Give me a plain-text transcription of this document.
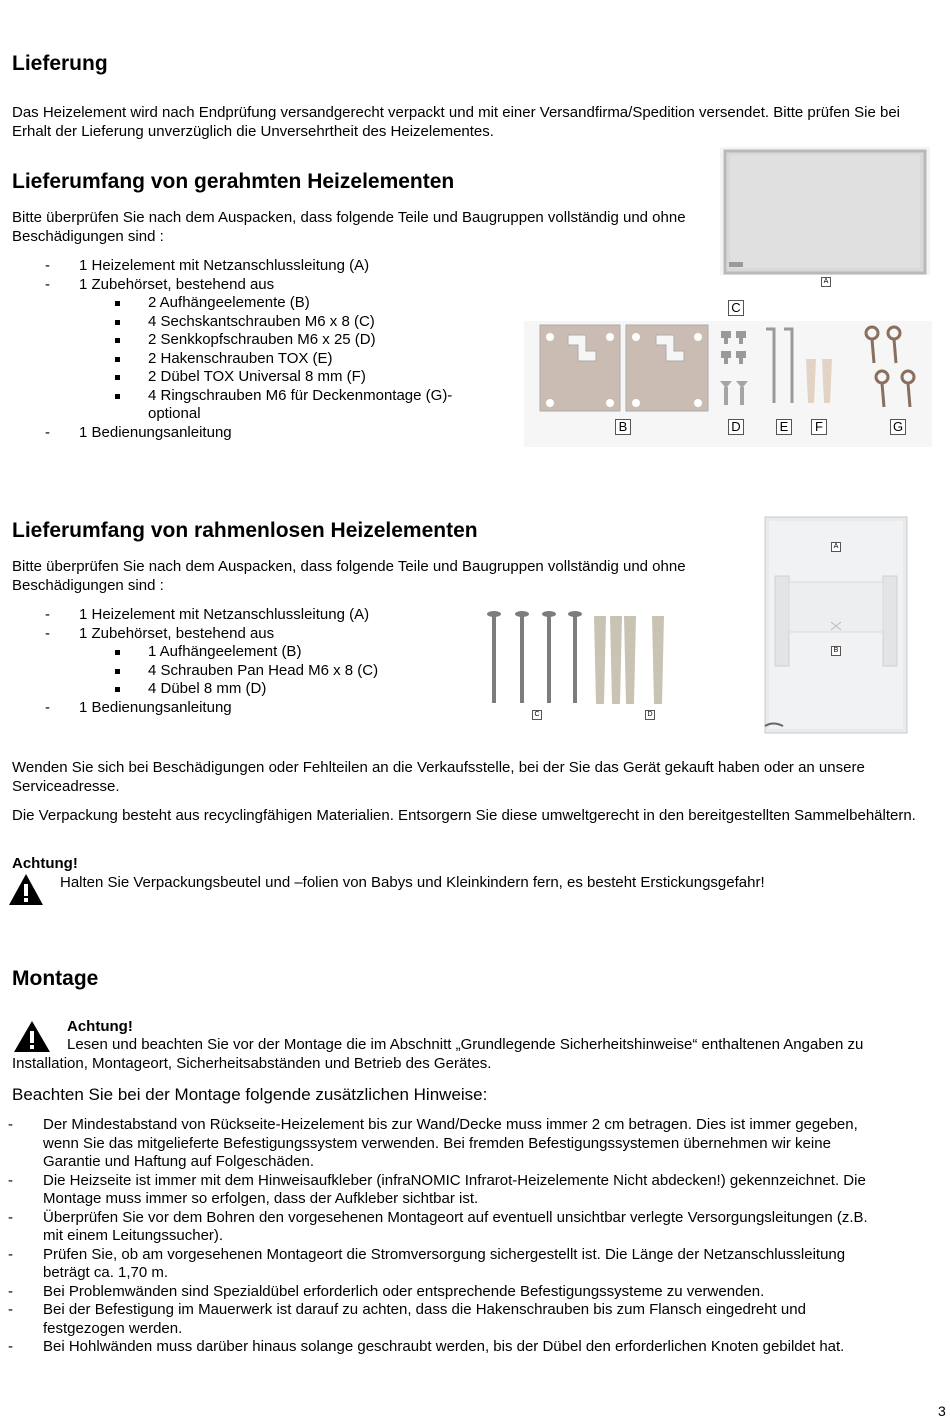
Lieferung

Das Heizelement wird nach Endprüfung versandgerecht verpackt und mit einer Versandfirma/Spedition versendet. Bitte prüfen Sie bei Erhalt der Lieferung unverzüglich die Unversehrtheit des Heizelementes.

Lieferumfang von gerahmten Heizelementen

Bitte überprüfen Sie nach dem Auspacken, dass folgende Teile und Baugruppen vollständig und ohne Beschädigungen sind :

- 1 Heizelement mit Netzanschlussleitung (A)
- 1 Zubehörset, bestehend aus
2 Aufhängeelemente (B)
4 Sechskantschrauben M6 x 8 (C)
2 Senkkopfschrauben M6 x 25 (D)
2 Hakenschrauben TOX (E)
2 Dübel TOX Universal 8 mm (F)
4 Ringschrauben M6 für Deckenmontage (G)-
optional
- 1 Bedienungsanleitung
A
C
B	D	E	F	G
Lieferumfang von rahmenlosen Heizelementen

Bitte überprüfen Sie nach dem Auspacken, dass folgende Teile und Baugruppen vollständig und ohne Beschädigungen sind :

- 1 Heizelement mit Netzanschlussleitung (A)
- 1 Zubehörset, bestehend aus
1 Aufhängeelement (B)
4 Schrauben Pan Head M6 x 8 (C)
4 Dübel 8 mm (D)
- 1 Bedienungsanleitung	C	D
A
B

Wenden Sie sich bei Beschädigungen oder Fehlteilen an die Verkaufsstelle, bei der Sie das Gerät gekauft haben oder an unsere Serviceadresse.

Die Verpackung besteht aus recyclingfähigen Materialien. Entsorgern Sie diese umweltgerecht in den bereitgestellten Sammelbehältern.

Achtung!

Halten Sie Verpackungsbeutel und –folien von Babys und Kleinkindern fern, es besteht Erstickungsgefahr!

Montage

Achtung!

Lesen und beachten Sie vor der Montage die im Abschnitt „Grundlegende Sicherheitshinweise“ enthaltenen Angaben zu

Installation, Montageort, Sicherheitsabständen und Betrieb des Gerätes.

Beachten Sie bei der Montage folgende zusätzlichen Hinweise:

- Der Mindestabstand von Rückseite-Heizelement bis zur Wand/Decke muss immer 2 cm betragen. Dies ist immer gegeben,
wenn Sie das mitgelieferte Befestigungssystem verwenden. Bei fremden Befestigungssystemen übernehmen wir keine
Garantie und Haftung auf Folgeschäden.
- Die Heizseite ist immer mit dem Hinweisaufkleber (infraNOMIC Infrarot-Heizelemente Nicht abdecken!) gekennzeichnet. Die
Montage muss immer so erfolgen, dass der Aufkleber sichtbar ist.
- Überprüfen Sie vor dem Bohren den vorgesehenen Montageort auf eventuell unsichtbar verlegte Versorgungsleitungen (z.B.
mit einem Leitungssucher).
- Prüfen Sie, ob am vorgesehenen Montageort die Stromversorgung sichergestellt ist. Die Länge der Netzanschlussleitung
beträgt ca. 1,70 m.
- Bei Problemwänden sind Spezialdübel erforderlich oder entsprechende Befestigungssysteme zu verwenden.
- Bei der Befestigung im Mauerwerk ist darauf zu achten, dass die Hakenschrauben bis zum Flansch eingedreht und
festgezogen werden.
- Bei Hohlwänden muss darüber hinaus solange geschraubt werden, bis der Dübel den erforderlichen Knoten gebildet hat.
3
